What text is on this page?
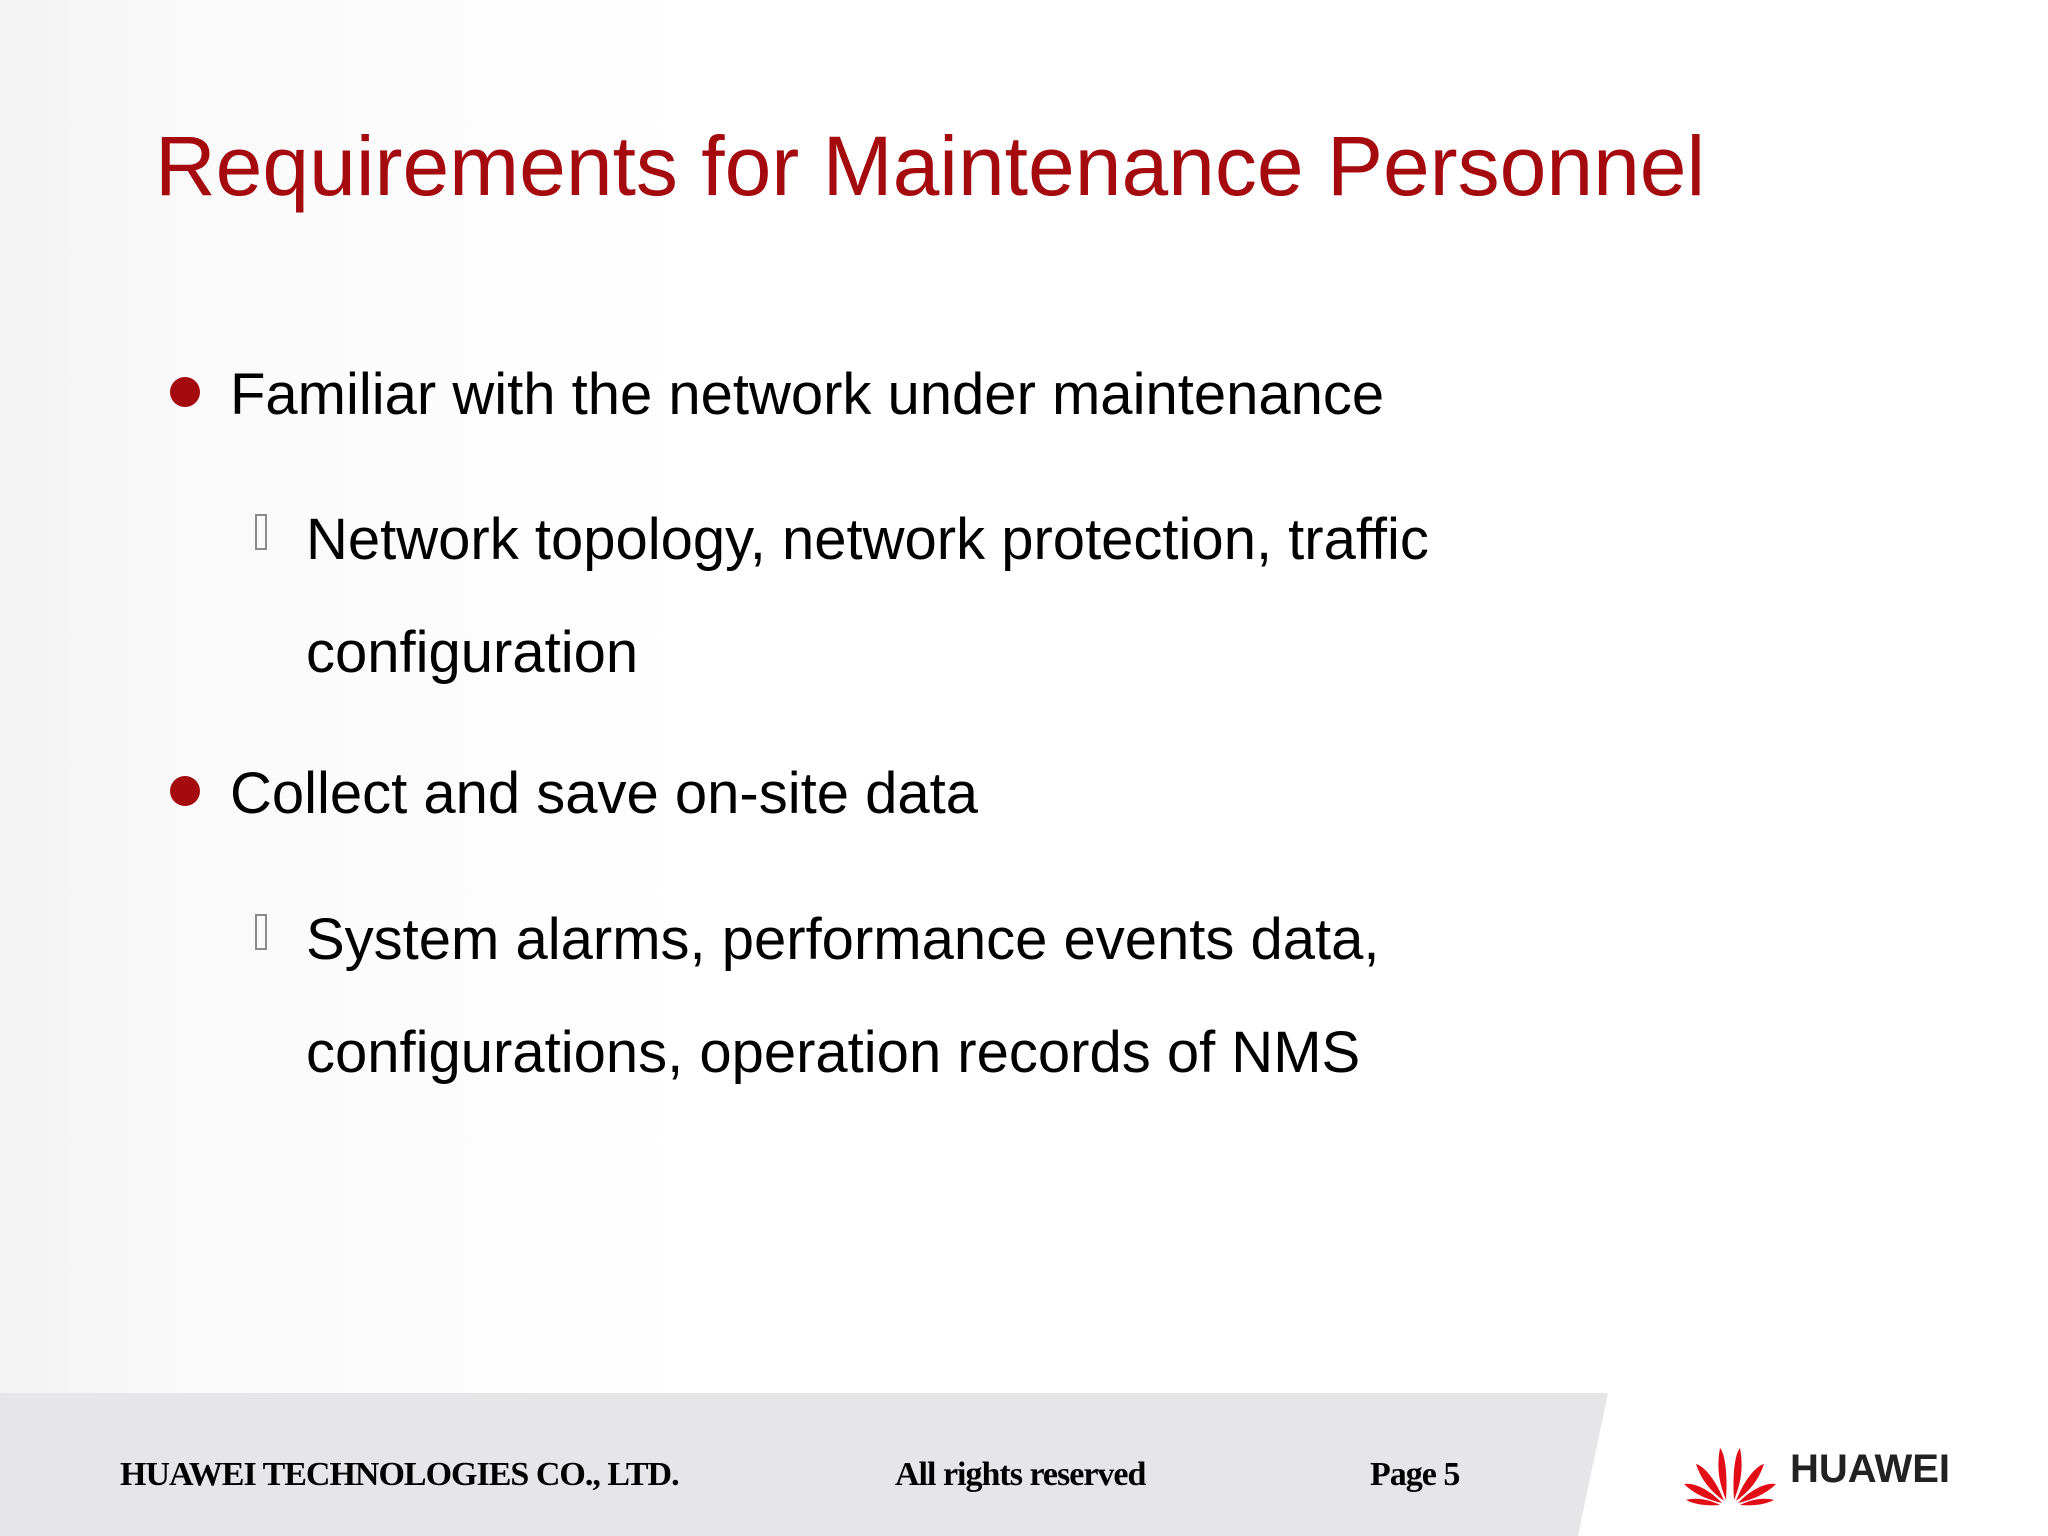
Requirements for Maintenance Personnel
Familiar with the network under maintenance
Network topology, network protection, traffic configuration
Collect and save on-site data
System alarms, performance events data, configurations, operation records of NMS
HUAWEI TECHNOLOGIES CO., LTD.	All rights reserved	Page 5	HUAWEI
